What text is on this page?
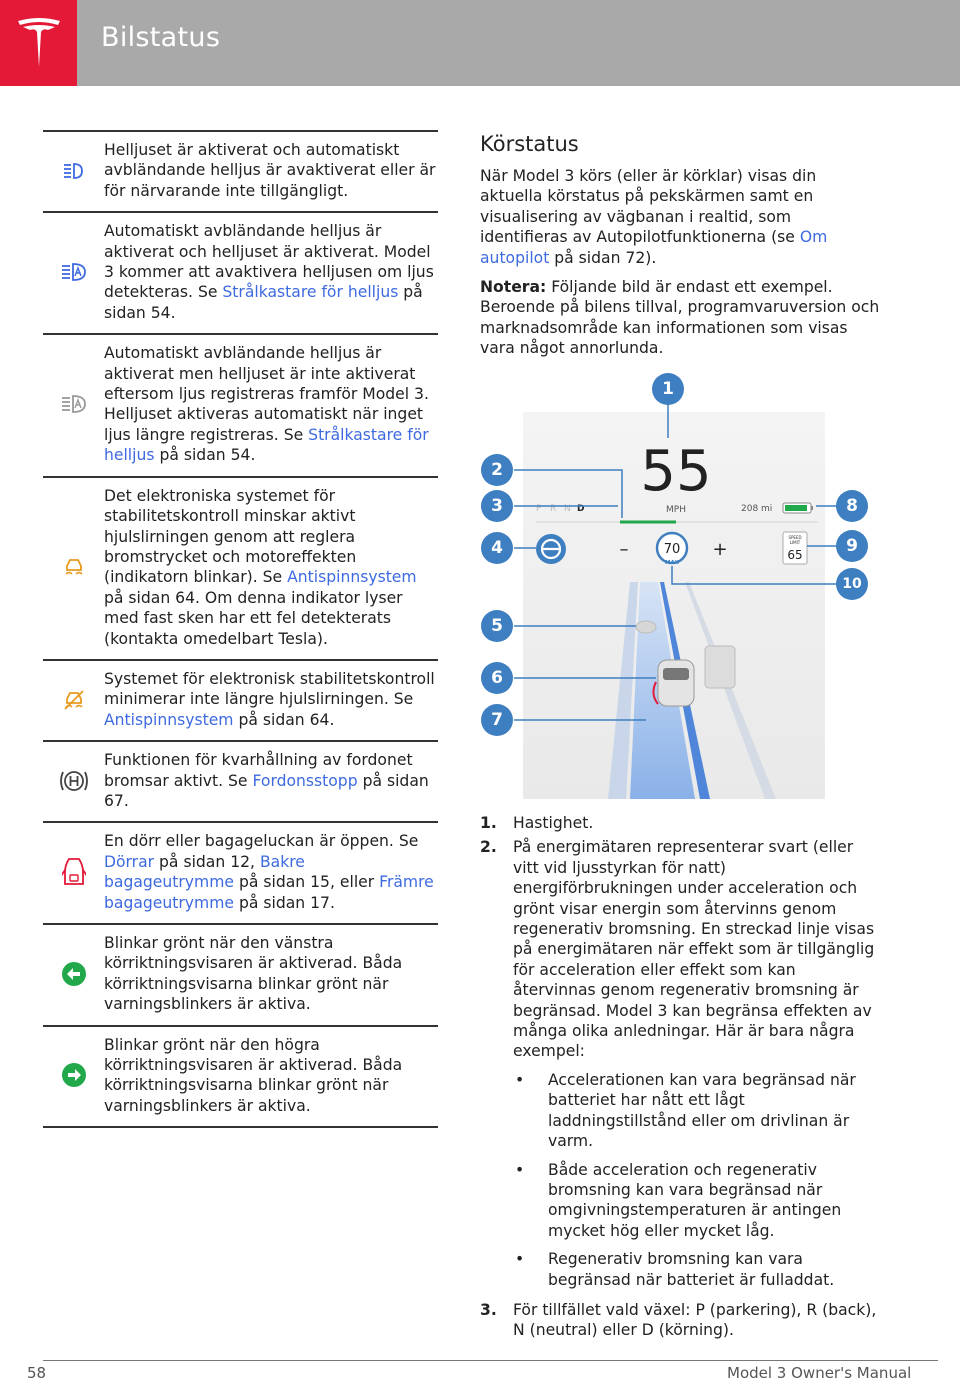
Bilstatus
Helljuset är aktiverat och automatiskt avbländande helljus är avaktiverat eller är för närvarande inte tillgängligt.
Automatiskt avbländande helljus är aktiverat och helljuset är aktiverat. Model 3 kommer att avaktivera helljusen om ljus detekteras. Se Strålkastare för helljus på sidan 54.
Automatiskt avbländande helljus är aktiverat men helljuset är inte aktiverat eftersom ljus registreras framför Model 3. Helljuset aktiveras automatiskt när inget ljus längre registreras. Se Strålkastare för helljus på sidan 54.
Det elektroniska systemet för stabilitetskontroll minskar aktivt hjulslirningen genom att reglera bromstrycket och motoreffekten (indikatorn blinkar). Se Antispinnsystem på sidan 64. Om denna indikator lyser med fast sken har ett fel detekterats (kontakta omedelbart Tesla).
Systemet för elektronisk stabilitetskontroll minimerar inte längre hjulslirningen. Se Antispinnsystem på sidan 64.
Funktionen för kvarhållning av fordonet bromsar aktivt. Se Fordonsstopp på sidan 67.
En dörr eller bagageluckan är öppen. Se Dörrar på sidan 12, Bakre bagageutrymme på sidan 15, eller Främre bagageutrymme på sidan 17.
Blinkar grönt när den vänstra körriktningsvisaren är aktiverad. Båda körriktningsvisarna blinkar grönt när varningsblinkers är aktiva.
Blinkar grönt när den högra körriktningsvisaren är aktiverad. Båda körriktningsvisarna blinkar grönt när varningsblinkers är aktiva.
Körstatus
När Model 3 körs (eller är körklar) visas din aktuella körstatus på pekskärmen samt en visualisering av vägbanan i realtid, som identifieras av Autopilotfunktionerna (se Om autopilot på sidan 72).
Notera: Följande bild är endast ett exempel. Beroende på bilens tillval, programvaruversion och marknadsområde kan informationen som visas vara något annorlunda.
55
MPH
P R N D	208 mi
–	+
70
MAX
SPEED
LIMIT
65
1
2
3
4
5
6
7
8
9
10
1.	Hastighet.
2.	På energimätaren representerar svart (eller vitt vid ljusstyrkan för natt) energiförbrukningen under acceleration och grönt visar energin som återvinns genom regenerativ bromsning. En streckad linje visas på energimätaren när effekt som är tillgänglig för acceleration eller effekt som kan återvinnas genom regenerativ bromsning är begränsad. Model 3 kan begränsa effekten av många olika anledningar. Här är bara några exempel:
•	Accelerationen kan vara begränsad när batteriet har nått ett lågt laddningstillstånd eller om drivlinan är varm.
•	Både acceleration och regenerativ bromsning kan vara begränsad när omgivningstemperaturen är antingen mycket hög eller mycket låg.
•	Regenerativ bromsning kan vara begränsad när batteriet är fulladdat.
3.	För tillfället vald växel: P (parkering), R (back), N (neutral) eller D (körning).
58	Model 3 Owner's Manual
